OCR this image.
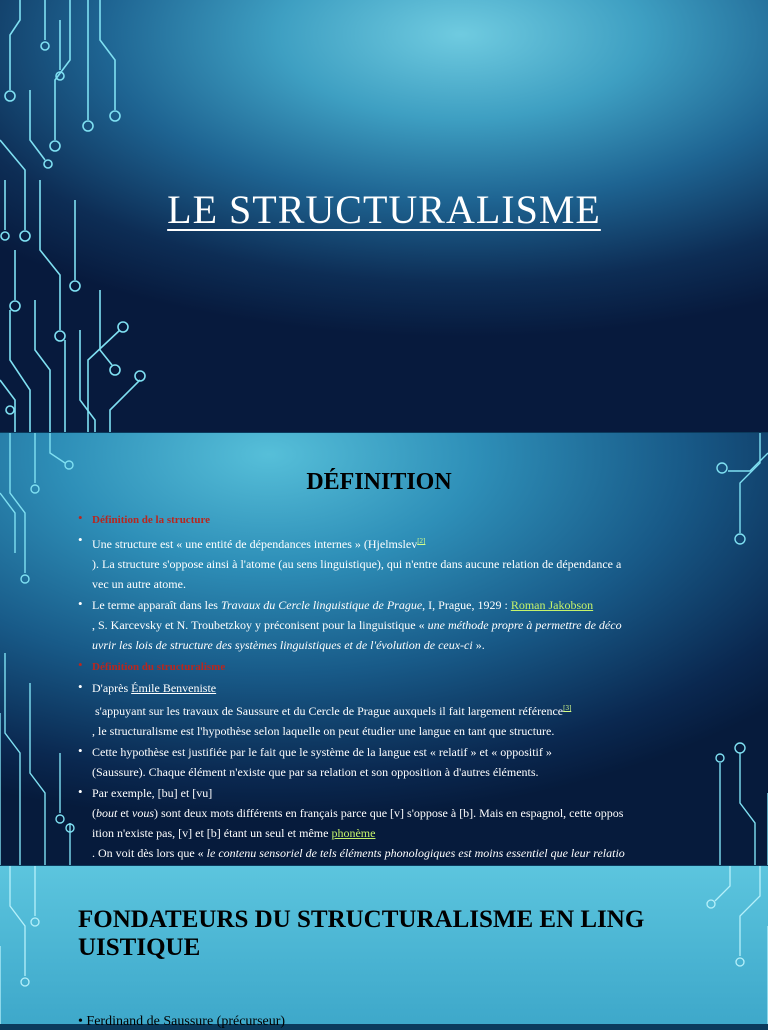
LE STRUCTURALISME
DÉFINITION
• Définition de la structure
• Une structure est « une entité de dépendances internes » (Hjelmslev[2]
). La structure s'oppose ainsi à l'atome (au sens linguistique), qui n'entre dans aucune relation de dépendance a
vec un autre atome.
• Le terme apparaît dans les Travaux du Cercle linguistique de Prague, I, Prague, 1929 : Roman Jakobson
, S. Karcevsky et N. Troubetzkoy y préconisent pour la linguistique « une méthode propre à permettre de déco
uvrir les lois de structure des systèmes linguistiques et de l'évolution de ceux-ci ».
• Définition du structuralisme
• D'après Émile Benveniste
s'appuyant sur les travaux de Saussure et du Cercle de Prague auxquels il fait largement référence[3]
, le structuralisme est l'hypothèse selon laquelle on peut étudier une langue en tant que structure.
• Cette hypothèse est justifiée par le fait que le système de la langue est « relatif » et « oppositif »
(Saussure). Chaque élément n'existe que par sa relation et son opposition à d'autres éléments.
• Par exemple, [bu] et [vu]
(bout et vous) sont deux mots différents en français parce que [v] s'oppose à [b]. Mais en espagnol, cette oppos
ition n'existe pas, [v] et [b] étant un seul et même phonème
. On voit dès lors que « le contenu sensoriel de tels éléments phonologiques est moins essentiel que leur relatio

FONDATEURS DU STRUCTURALISME EN LING
UISTIQUE
• Ferdinand de Saussure (précurseur)
